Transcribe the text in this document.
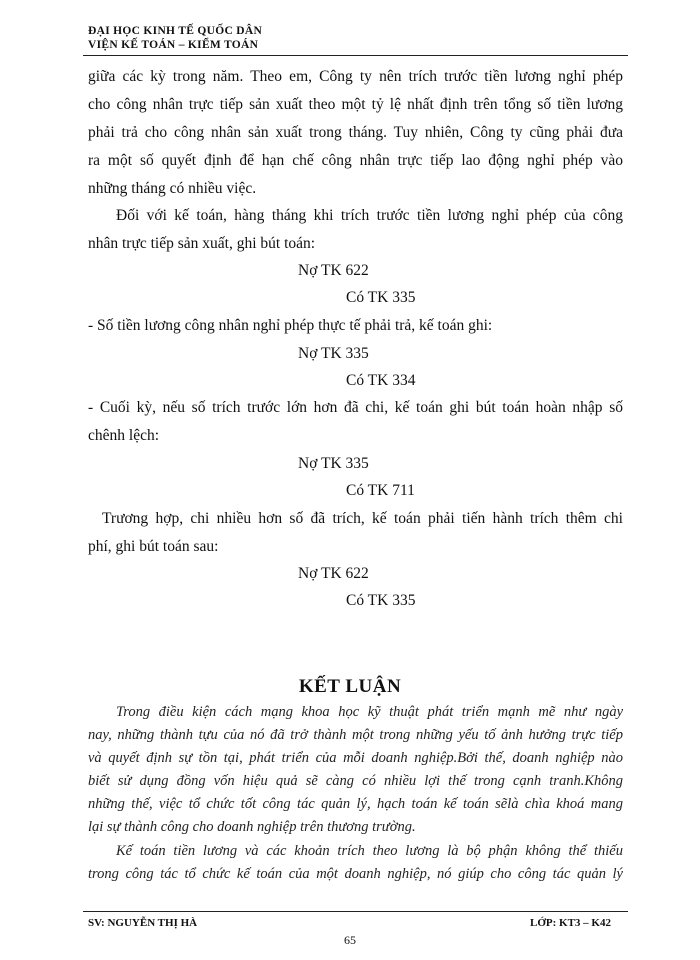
ĐẠI HỌC KINH TẾ QUỐC DÂN
VIỆN KẾ TOÁN – KIỂM TOÁN
giữa các kỳ trong năm. Theo em, Công ty nên trích trước tiền lương nghỉ phép
cho công nhân trực tiếp sản xuất theo một tỷ lệ nhất định trên tổng số tiền lương
phải trả cho công nhân sản xuất trong tháng. Tuy nhiên, Công ty cũng phải đưa
ra một số quyết định để hạn chế công nhân trực tiếp lao động nghỉ phép vào
những tháng có nhiều việc.
Đối với kế toán, hàng tháng khi trích trước tiền lương nghỉ phép của công
nhân trực tiếp sản xuất, ghi bút toán:
Nợ TK 622
Có TK 335
- Số tiền lương công nhân nghỉ phép thực tế phải trả, kế toán ghi:
Nợ TK 335
Có TK 334
- Cuối kỳ, nếu số trích trước lớn hơn đã chi, kế toán ghi bút toán hoàn nhập số
chênh lệch:
Nợ TK 335
Có TK 711
Trương hợp, chi nhiều hơn số đã trích, kế toán phải tiến hành trích thêm chi
phí, ghi bút toán sau:
Nợ TK 622
Có TK 335
KẾT LUẬN
Trong điều kiện cách mạng khoa học kỹ thuật phát triển mạnh mẽ như ngày
nay, những thành tựu của nó đã trở thành một trong những yếu tố ảnh hưởng trực tiếp
và quyết định sự tồn tại, phát triển của mỗi doanh nghiệp.Bởi thế, doanh nghiệp nào
biết sử dụng đồng vốn hiệu quả sẽ càng có nhiều lợi thế trong cạnh tranh.Không
những thế, việc tổ chức tốt công tác quản lý, hạch toán kế toán sẽlà chìa khoá mang
lại sự thành công cho doanh nghiệp trên thương trường.
Kế toán tiền lương và các khoản trích theo lương là bộ phận không thể thiếu
trong công tác tổ chức kế toán của một doanh nghiệp, nó giúp cho công tác quản lý
SV: NGUYỄN THỊ HÀ	LỚP: KT3 – K42
65
